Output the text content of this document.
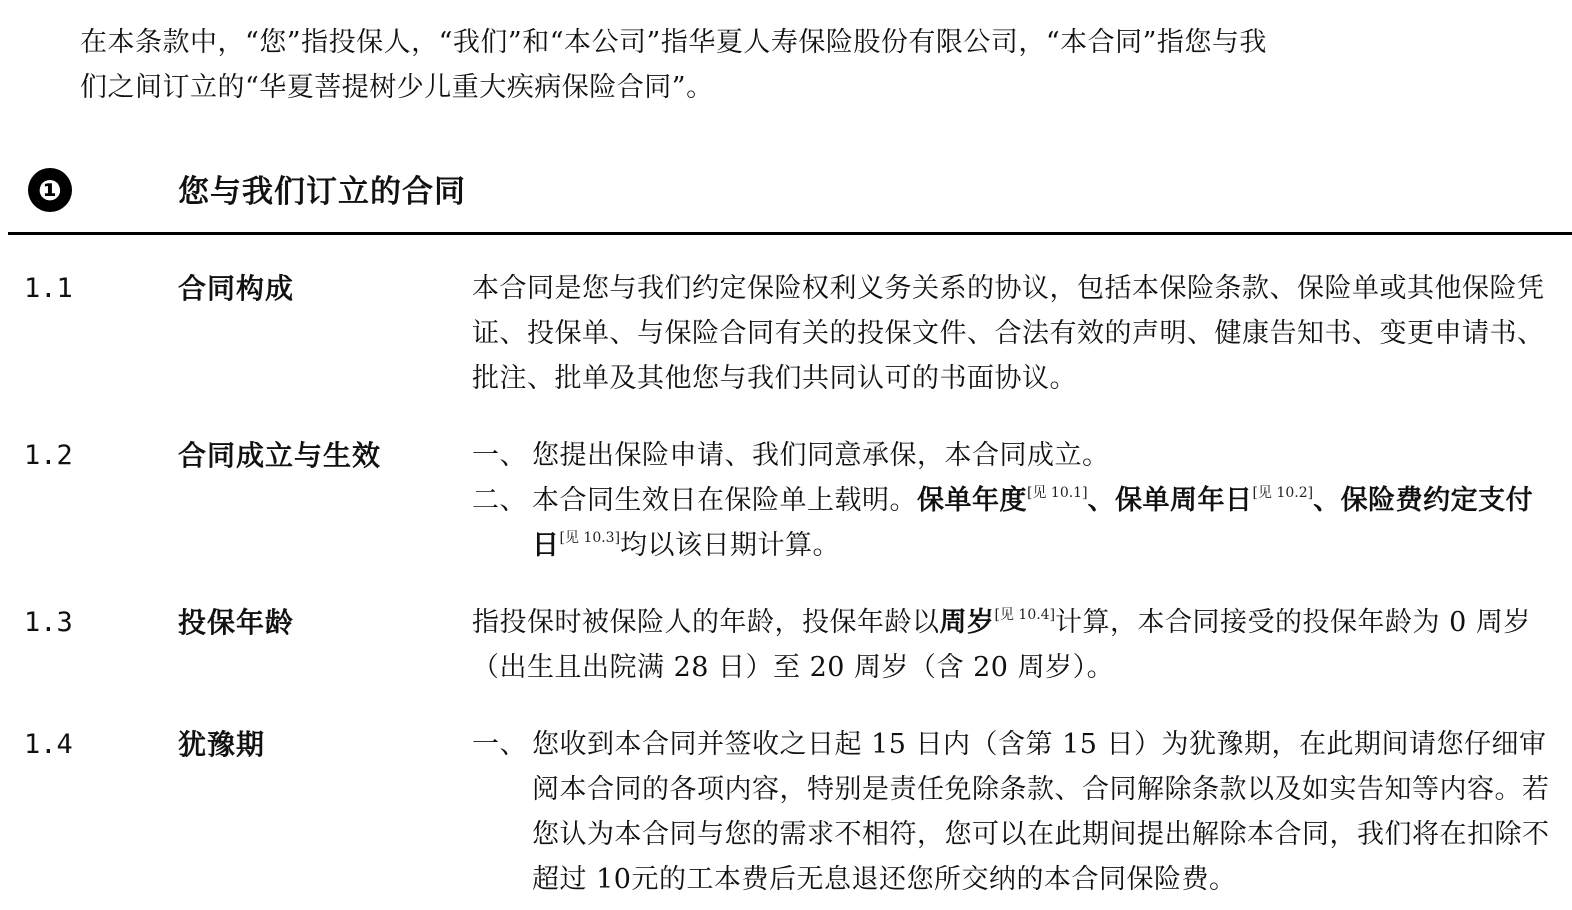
在本条款中，“您”指投保人，“我们”和“本公司”指华夏人寿保险股份有限公司，“本合同”指您与我

们之间订立的“华夏菩提树少儿重大疾病保险合同”。

❶	您与我们订立的合同
1.1	合同构成	本合同是您与我们约定保险权利义务关系的协议，包括本保险条款、保险单或其他保险凭证、投保单、与保险合同有关的投保文件、合法有效的声明、健康告知书、变更申请书、批注、批单及其他您与我们共同认可的书面协议。

1.2	合同成立与生效	一、 您提出保险申请、我们同意承保，本合同成立。
二、 本合同生效日在保险单上载明。保单年度[见 10.1]、保单周年日[见 10.2]、保险费约定支付日[见 10.3]均以该日期计算。
1.3	投保年龄	指投保时被保险人的年龄，投保年龄以周岁[见 10.4]计算，本合同接受的投保年龄为 0 周岁（出生且出院满 28 日）至 20 周岁（含 20 周岁）。

1.4	犹豫期	一、 您收到本合同并签收之日起 15 日内（含第 15 日）为犹豫期，在此期间请您仔细审阅本合同的各项内容，特别是责任免除条款、合同解除条款以及如实告知等内容。若您认为本合同与您的需求不相符，您可以在此期间提出解除本合同，我们将在扣除不超过 10元的工本费后无息退还您所交纳的本合同保险费。
